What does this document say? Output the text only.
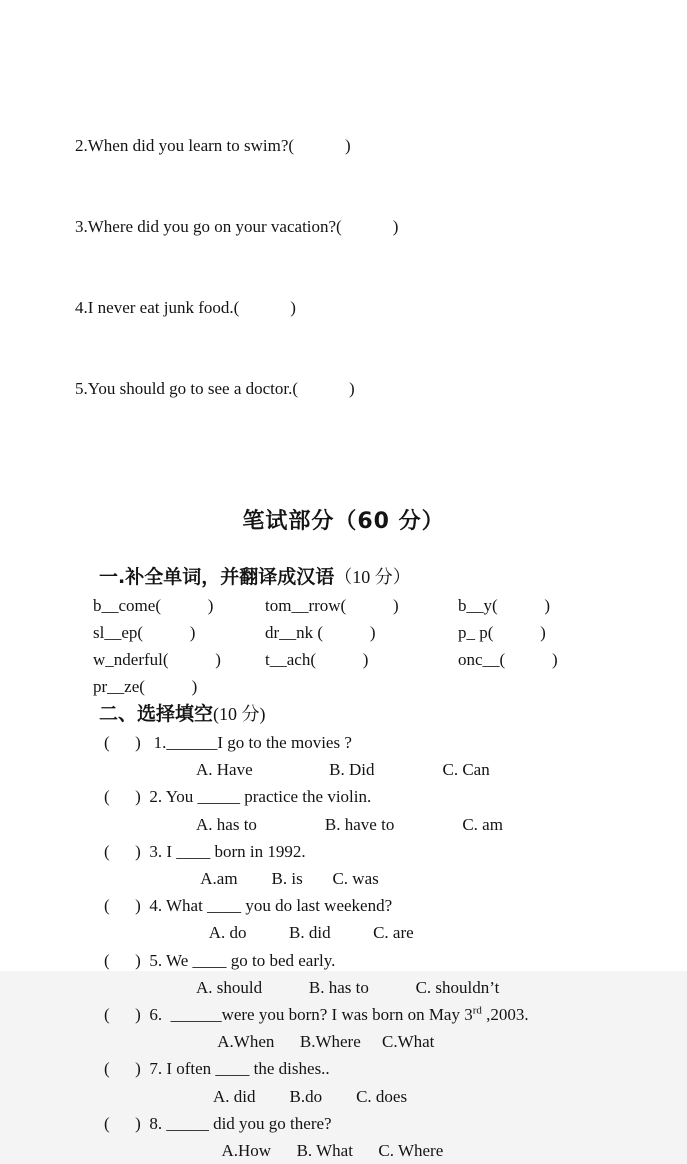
2.When did you learn to swim?(            )

3.Where did you go on your vacation?(            )

4.I never eat junk food.(            )

5.You should go to see a doctor.(            )

笔试部分（60 分）
一.补全单词，并翻译成汉语（10 分）
b__come(           )	tom__rrow(           )	b__y(           )
sl__ep(           )	dr__nk (           )	p_ p(           )
w_nderful(           )	t__ach(           )	onc__(           )
pr__ze(           )
二、选择填空(10 分)
(      )   1.______I go to the movies ?
A. Have                  B. Did                C. Can
(      )  2. You _____ practice the violin.
A. has to                B. have to                C. am
(      )  3. I ____ born in 1992.
A.am        B. is       C. was
(      )  4. What ____ you do last weekend?
A. do          B. did          C. are
(      )  5. We ____ go to bed early.
A. should           B. has to           C. shouldn’t
(      )  6.  ______were you born? I was born on May 3rd ,2003.
A.When      B.Where     C.What
(      )  7. I often ____ the dishes..
A. did        B.do        C. does
(      )  8. _____ did you go there?
A.How      B. What      C. Where
